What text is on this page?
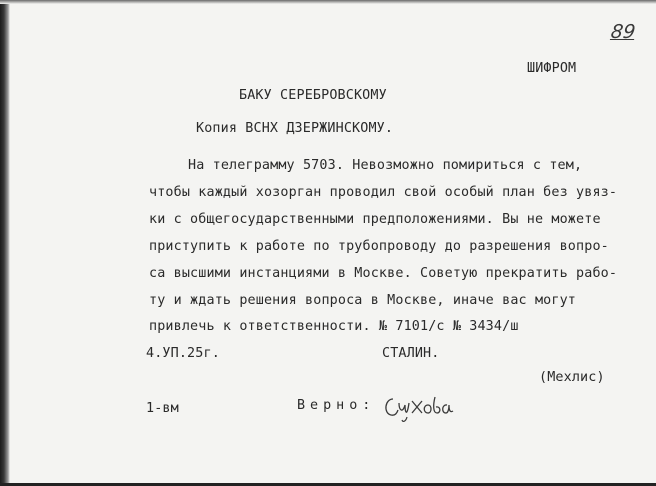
89
ШИФРОМ
БАКУ СЕРЕБРОВСКОМУ
Копия ВСНХ ДЗЕРЖИНСКОМУ.
На телеграмму 5703. Невозможно помириться с тем,
чтобы каждый хозорган проводил свой особый план без увяз-
ки с общегосударственными предположениями. Вы не можете
приступить к работе по трубопроводу до разрешения вопро-
са высшими инстанциями в Москве. Советую прекратить рабо-
ту и ждать решения вопроса в Москве, иначе вас могут
привлечь к ответственности. № 7101/с № 3434/ш
4.УП.25г.	СТАЛИН.
(Мехлис)
1-вм	Верно:
